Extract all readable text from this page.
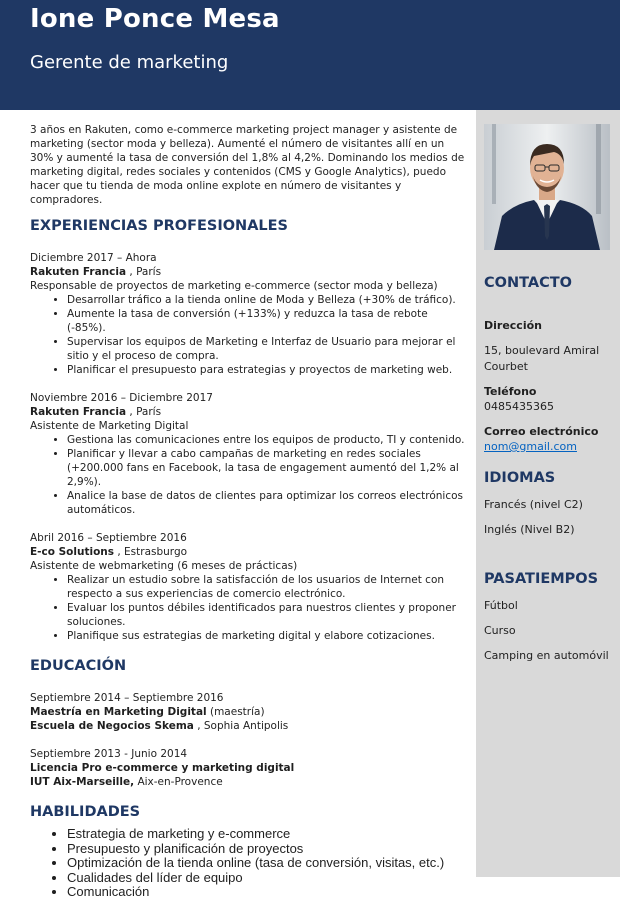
Ione Ponce Mesa
Gerente de marketing

3 años en Rakuten, como e-commerce marketing project manager y asistente de marketing (sector moda y belleza). Aumenté el número de visitantes allí en un 30% y aumenté la tasa de conversión del 1,8% al 4,2%. Dominando los medios de marketing digital, redes sociales y contenidos (CMS y Google Analytics), puedo hacer que tu tienda de moda online explote en número de visitantes y compradores.

EXPERIENCIAS PROFESIONALES

Diciembre 2017 – Ahora

Rakuten Francia , París

Responsable de proyectos de marketing e-commerce (sector moda y belleza)

• Desarrollar tráfico a la tienda online de Moda y Belleza (+30% de tráfico).
• Aumente la tasa de conversión (+133%) y reduzca la tasa de rebote (-85%).
• Supervisar los equipos de Marketing e Interfaz de Usuario para mejorar el sitio y el proceso de compra.
• Planificar el presupuesto para estrategias y proyectos de marketing web.

Noviembre 2016 – Diciembre 2017

Rakuten Francia , París

Asistente de Marketing Digital

• Gestiona las comunicaciones entre los equipos de producto, TI y contenido.
• Planificar y llevar a cabo campañas de marketing en redes sociales (+200.000 fans en Facebook, la tasa de engagement aumentó del 1,2% al 2,9%).
• Analice la base de datos de clientes para optimizar los correos electrónicos automáticos.

Abril 2016 – Septiembre 2016

E-co Solutions , Estrasburgo

Asistente de webmarketing (6 meses de prácticas)

• Realizar un estudio sobre la satisfacción de los usuarios de Internet con respecto a sus experiencias de comercio electrónico.
• Evaluar los puntos débiles identificados para nuestros clientes y proponer soluciones.
• Planifique sus estrategias de marketing digital y elabore cotizaciones.
EDUCACIÓN

Septiembre 2014 – Septiembre 2016

Maestría en Marketing Digital (maestría)

Escuela de Negocios Skema , Sophia Antipolis

Septiembre 2013 - Junio 2014

Licencia Pro e-commerce y marketing digital

IUT Aix-Marseille, Aix-en-Provence

HABILIDADES
• Estrategia de marketing y e-commerce
• Presupuesto y planificación de proyectos
• Optimización de la tienda online (tasa de conversión, visitas, etc.)
• Cualidades del líder de equipo
• Comunicación
CONTACTO
Dirección
15, boulevard Amiral Courbet
Teléfono
0485435365
Correo electrónico
nom@gmail.com
IDIOMAS
Francés (nivel C2)
Inglés (Nivel B2)
PASATIEMPOS
Fútbol
Curso
Camping en automóvil
